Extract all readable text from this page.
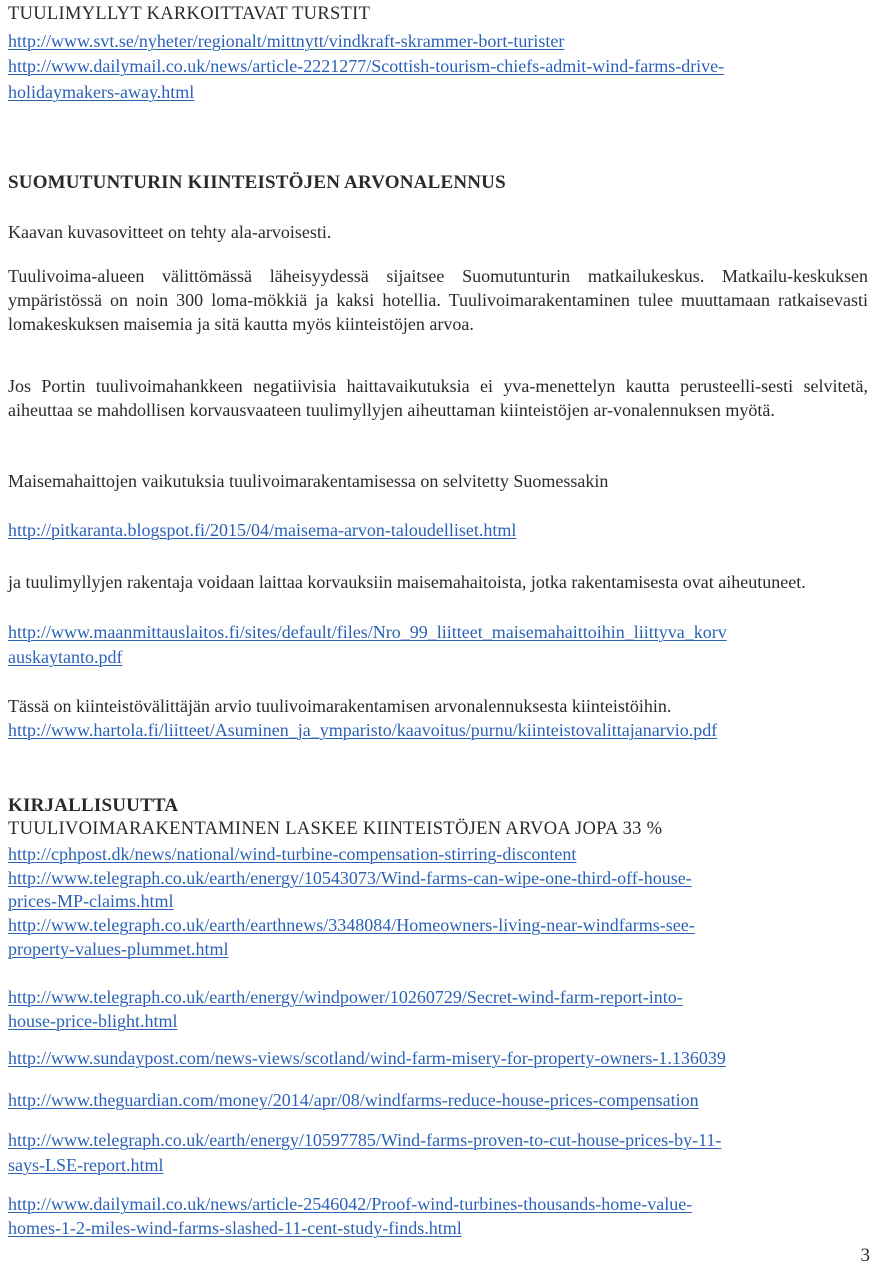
TUULIMYLLYT KARKOITTAVAT TURSTIT
http://www.svt.se/nyheter/regionalt/mittnytt/vindkraft-skrammer-bort-turister
http://www.dailymail.co.uk/news/article-2221277/Scottish-tourism-chiefs-admit-wind-farms-drive-
holidaymakers-away.html
SUOMUTUNTURIN KIINTEISTÖJEN ARVONALENNUS
Kaavan kuvasovitteet on tehty ala-arvoisesti.
Tuulivoima-alueen välittömässä läheisyydessä sijaitsee Suomutunturin matkailukeskus. Matkailu-keskuksen ympäristössä on noin 300 loma-mökkiä ja kaksi hotellia. Tuulivoimarakentaminen tulee muuttamaan ratkaisevasti lomakeskuksen maisemia ja sitä kautta myös kiinteistöjen arvoa.
Jos Portin tuulivoimahankkeen negatiivisia haittavaikutuksia ei yva-menettelyn kautta perusteelli-sesti selvitetä, aiheuttaa se mahdollisen korvausvaateen tuulimyllyjen aiheuttaman kiinteistöjen ar-vonalennuksen myötä.
Maisemahaittojen vaikutuksia tuulivoimarakentamisessa on selvitetty Suomessakin
http://pitkaranta.blogspot.fi/2015/04/maisema-arvon-taloudelliset.html
ja tuulimyllyjen rakentaja voidaan laittaa korvauksiin maisemahaitoista, jotka rakentamisesta ovat aiheutuneet.
http://www.maanmittauslaitos.fi/sites/default/files/Nro_99_liitteet_maisemahaittoihin_liittyva_korv
auskaytanto.pdf
Tässä on kiinteistövälittäjän arvio tuulivoimarakentamisen arvonalennuksesta kiinteistöihin.
http://www.hartola.fi/liitteet/Asuminen_ja_ymparisto/kaavoitus/purnu/kiinteistovalittajanarvio.pdf
KIRJALLISUUTTA
TUULIVOIMARAKENTAMINEN LASKEE KIINTEISTÖJEN ARVOA JOPA 33 %
http://cphpost.dk/news/national/wind-turbine-compensation-stirring-discontent
http://www.telegraph.co.uk/earth/energy/10543073/Wind-farms-can-wipe-one-third-off-house-
prices-MP-claims.html
http://www.telegraph.co.uk/earth/earthnews/3348084/Homeowners-living-near-windfarms-see-
property-values-plummet.html
http://www.telegraph.co.uk/earth/energy/windpower/10260729/Secret-wind-farm-report-into-
house-price-blight.html
http://www.sundaypost.com/news-views/scotland/wind-farm-misery-for-property-owners-1.136039
http://www.theguardian.com/money/2014/apr/08/windfarms-reduce-house-prices-compensation
http://www.telegraph.co.uk/earth/energy/10597785/Wind-farms-proven-to-cut-house-prices-by-11-
says-LSE-report.html
http://www.dailymail.co.uk/news/article-2546042/Proof-wind-turbines-thousands-home-value-
homes-1-2-miles-wind-farms-slashed-11-cent-study-finds.html
3
